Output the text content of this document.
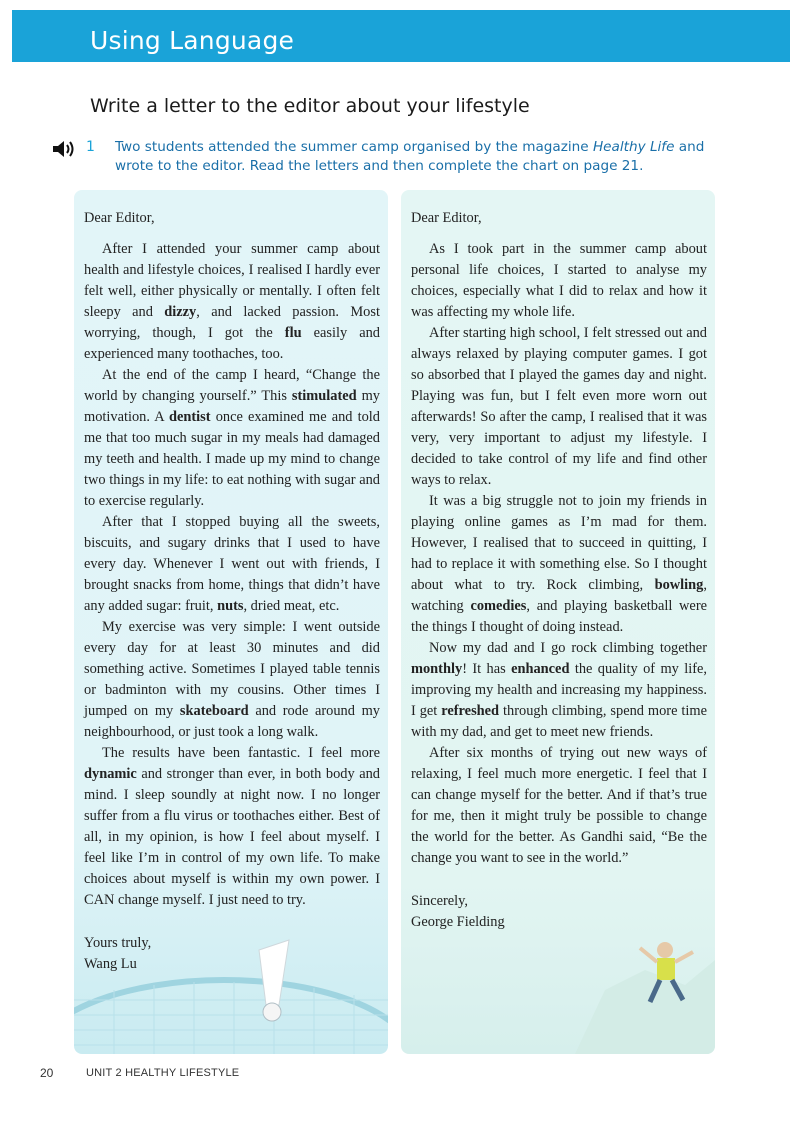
Using Language
Write a letter to the editor about your lifestyle
1 Two students attended the summer camp organised by the magazine Healthy Life and wrote to the editor. Read the letters and then complete the chart on page 21.

Dear Editor,

After I attended your summer camp about health and lifestyle choices, I realised I hardly ever felt well, either physically or mentally. I often felt sleepy and dizzy, and lacked passion. Most worrying, though, I got the flu easily and experienced many toothaches, too.

At the end of the camp I heard, “Change the world by changing yourself.” This stimulated my motivation. A dentist once examined me and told me that too much sugar in my meals had damaged my teeth and health. I made up my mind to change two things in my life: to eat nothing with sugar and to exercise regularly.

After that I stopped buying all the sweets, biscuits, and sugary drinks that I used to have every day. Whenever I went out with friends, I brought snacks from home, things that didn’t have any added sugar: fruit, nuts, dried meat, etc.

My exercise was very simple: I went outside every day for at least 30 minutes and did something active. Sometimes I played table tennis or badminton with my cousins. Other times I jumped on my skateboard and rode around my neighbourhood, or just took a long walk.

The results have been fantastic. I feel more dynamic and stronger than ever, in both body and mind. I sleep soundly at night now. I no longer suffer from a flu virus or toothaches either. Best of all, in my opinion, is how I feel about myself. I feel like I’m in control of my own life. To make choices about myself is within my own power. I CAN change myself. I just need to try.

Yours truly,

Wang Lu

Dear Editor,

As I took part in the summer camp about personal life choices, I started to analyse my choices, especially what I did to relax and how it was affecting my whole life.

After starting high school, I felt stressed out and always relaxed by playing computer games. I got so absorbed that I played the games day and night. Playing was fun, but I felt even more worn out afterwards! So after the camp, I realised that it was very, very important to adjust my lifestyle. I decided to take control of my life and find other ways to relax.

It was a big struggle not to join my friends in playing online games as I’m mad for them. However, I realised that to succeed in quitting, I had to replace it with something else. So I thought about what to try. Rock climbing, bowling, watching comedies, and playing basketball were the things I thought of doing instead.

Now my dad and I go rock climbing together monthly! It has enhanced the quality of my life, improving my health and increasing my happiness. I get refreshed through climbing, spend more time with my dad, and get to meet new friends.

After six months of trying out new ways of relaxing, I feel much more energetic. I feel that I can change myself for the better. And if that’s true for me, then it might truly be possible to change the world for the better. As Gandhi said, “Be the change you want to see in the world.”

Sincerely,

George Fielding

20	UNIT 2 HEALTHY LIFESTYLE
